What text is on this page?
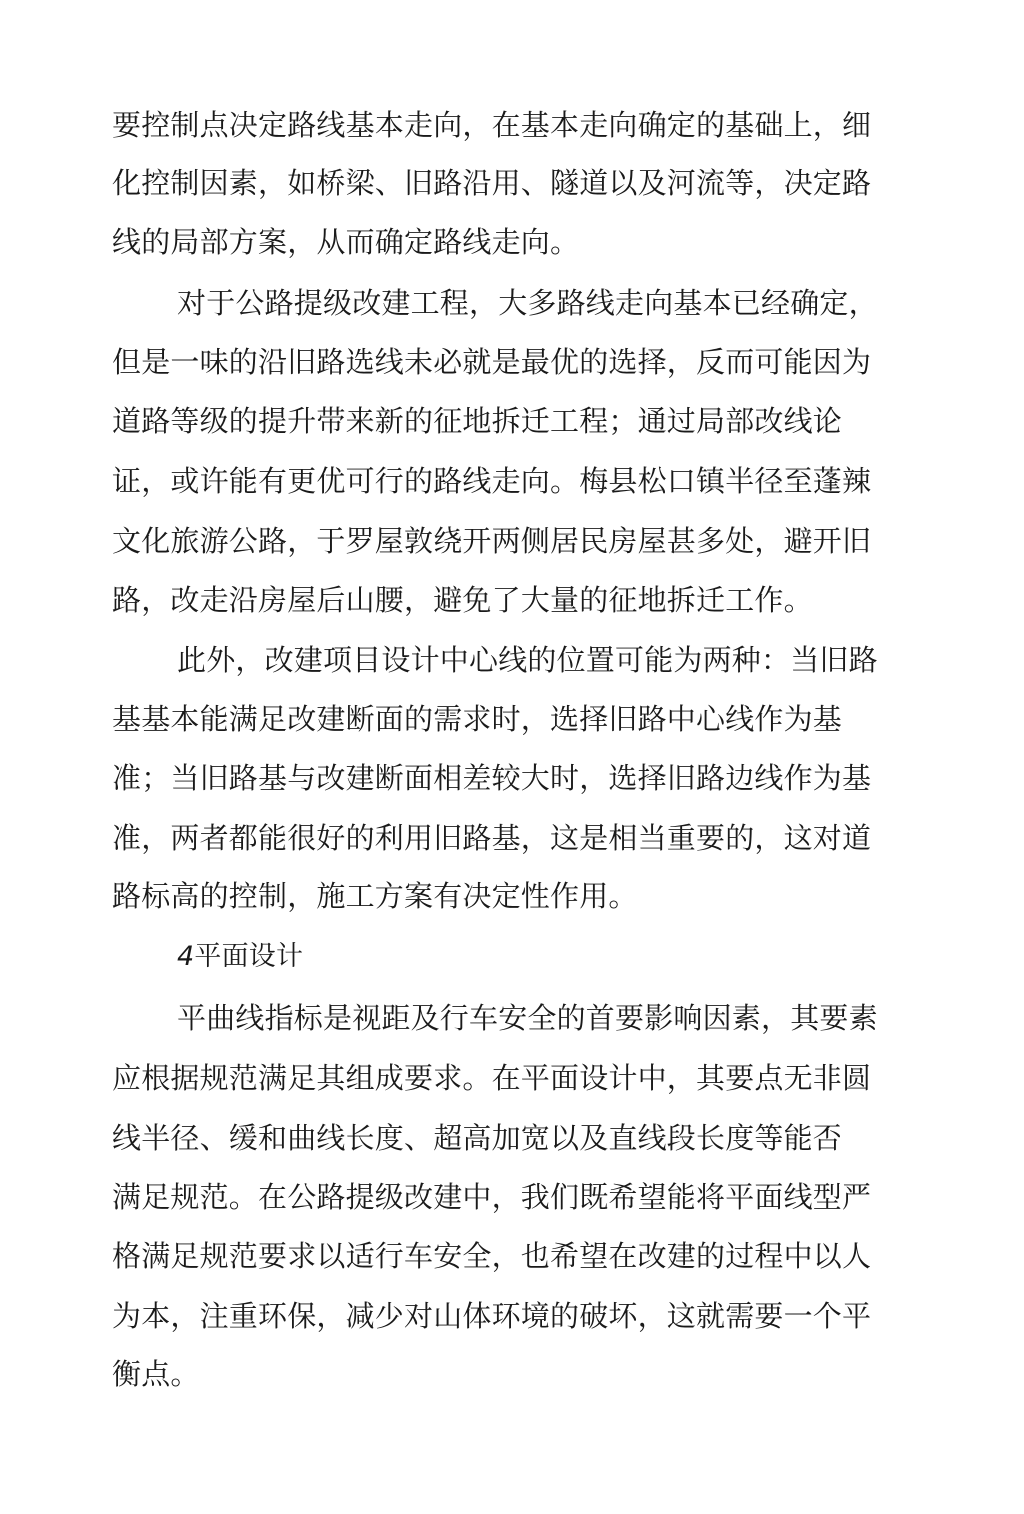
要控制点决定路线基本走向，在基本走向确定的基础上，细
化控制因素，如桥梁、旧路沿用、隧道以及河流等，决定路
线的局部方案，从而确定路线走向。
对于公路提级改建工程，大多路线走向基本已经确定，
但是一味的沿旧路选线未必就是最优的选择，反而可能因为
道路等级的提升带来新的征地拆迁工程；通过局部改线论
证，或许能有更优可行的路线走向。梅县松口镇半径至蓬辣
文化旅游公路，于罗屋敦绕开两侧居民房屋甚多处，避开旧
路，改走沿房屋后山腰，避免了大量的征地拆迁工作。
此外，改建项目设计中心线的位置可能为两种：当旧路
基基本能满足改建断面的需求时，选择旧路中心线作为基
准；当旧路基与改建断面相差较大时，选择旧路边线作为基
准，两者都能很好的利用旧路基，这是相当重要的，这对道
路标高的控制，施工方案有决定性作用。
4平面设计
平曲线指标是视距及行车安全的首要影响因素，其要素
应根据规范满足其组成要求。在平面设计中，其要点无非圆
线半径、缓和曲线长度、超高加宽以及直线段长度等能否
满足规范。在公路提级改建中，我们既希望能将平面线型严
格满足规范要求以适行车安全，也希望在改建的过程中以人
为本，注重环保，减少对山体环境的破坏，这就需要一个平
衡点。
